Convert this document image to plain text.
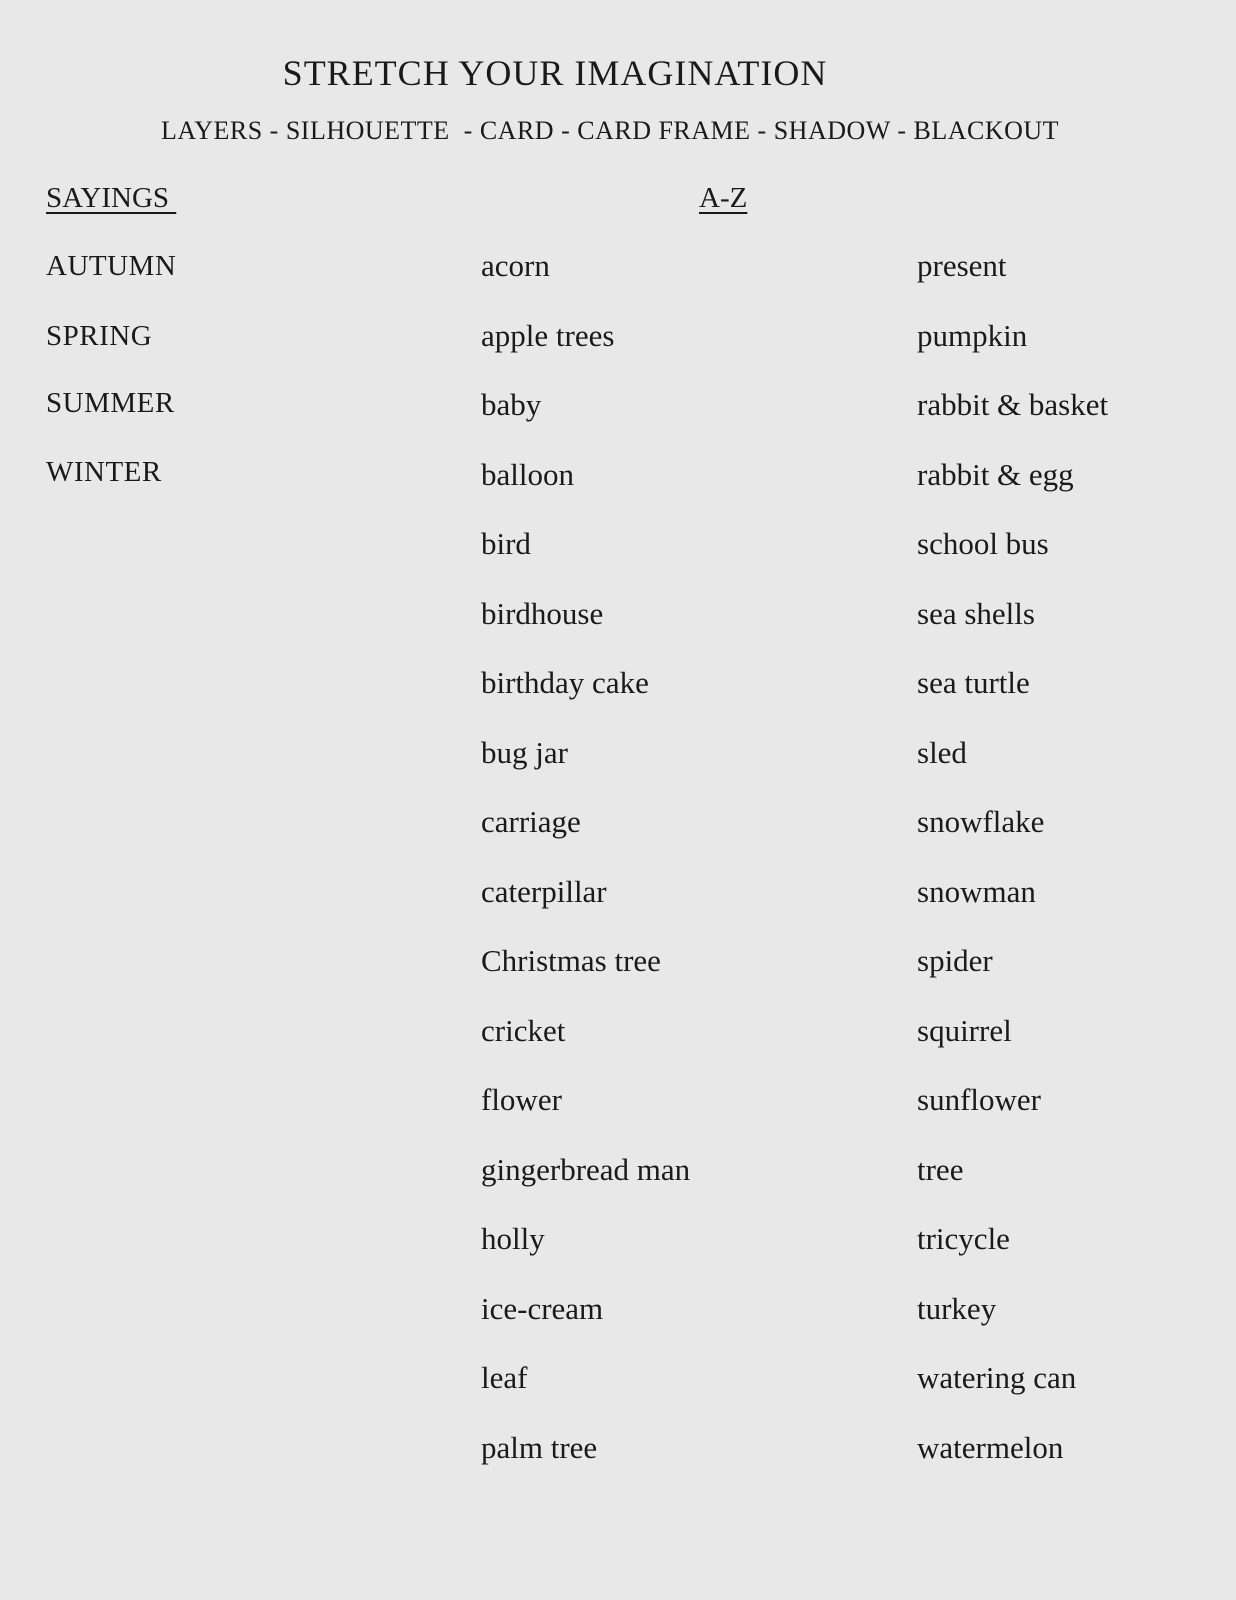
STRETCH YOUR IMAGINATION
LAYERS - SILHOUETTE  - CARD - CARD FRAME - SHADOW - BLACKOUT
SAYINGS	A-Z
AUTUMN
SPRING
SUMMER
WINTER
acorn
apple trees
baby
balloon
bird
birdhouse
birthday cake
bug jar
carriage
caterpillar
Christmas tree
cricket
flower
gingerbread man
holly
ice-cream
leaf
palm tree
present
pumpkin
rabbit & basket
rabbit & egg
school bus
sea shells
sea turtle
sled
snowflake
snowman
spider
squirrel
sunflower
tree
tricycle
turkey
watering can
watermelon
